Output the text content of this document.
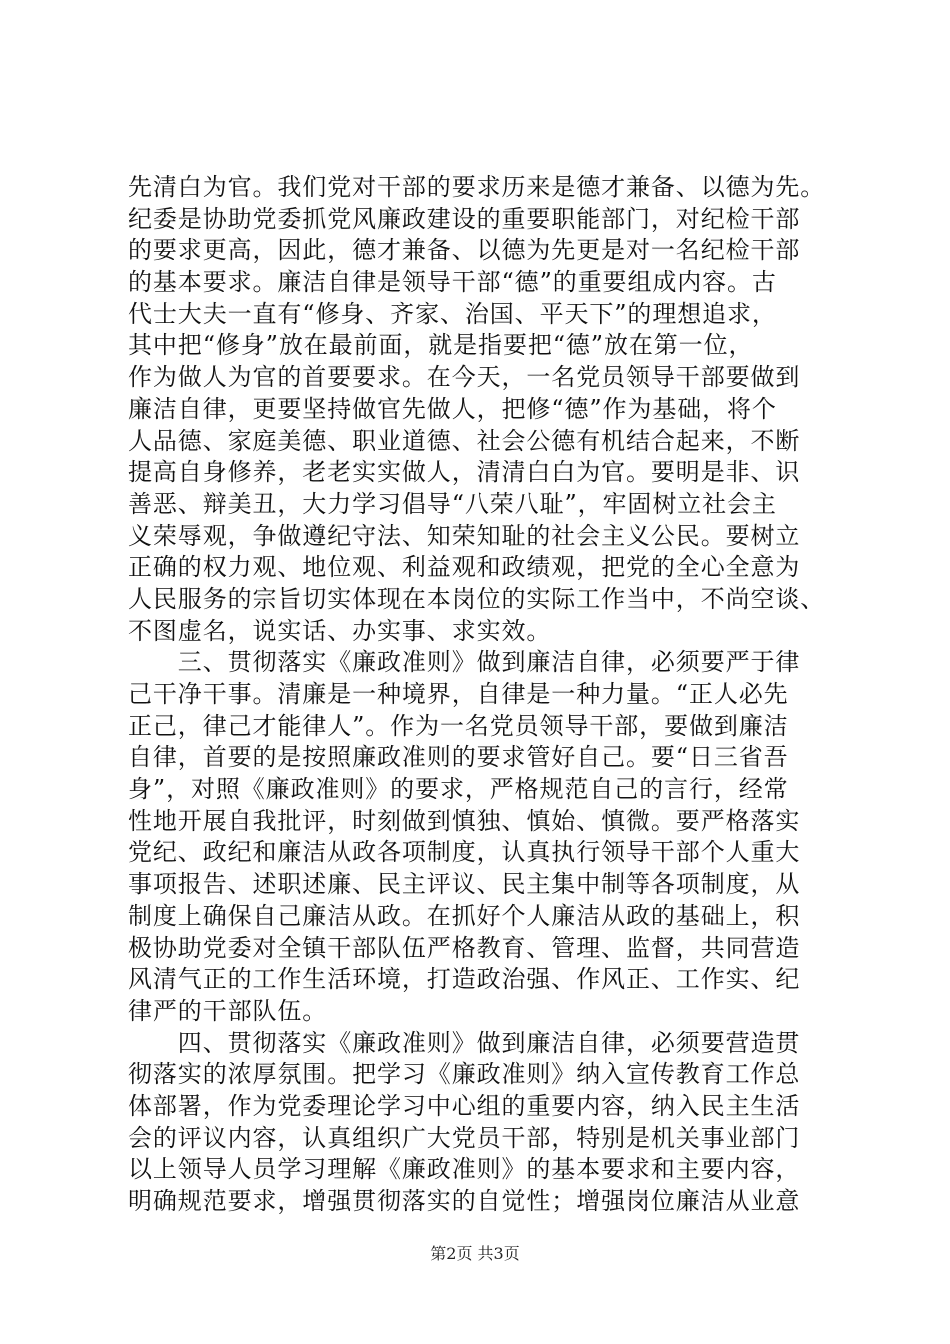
先清白为官。我们党对干部的要求历来是德才兼备、以德为先。
纪委是协助党委抓党风廉政建设的重要职能部门，对纪检干部
的要求更高，因此，德才兼备、以德为先更是对一名纪检干部
的基本要求。廉洁自律是领导干部“德”的重要组成内容。古
代士大夫一直有“修身、齐家、治国、平天下”的理想追求，
其中把“修身”放在最前面，就是指要把“德”放在第一位，
作为做人为官的首要要求。在今天，一名党员领导干部要做到
廉洁自律，更要坚持做官先做人，把修“德”作为基础，将个
人品德、家庭美德、职业道德、社会公德有机结合起来，不断
提高自身修养，老老实实做人，清清白白为官。要明是非、识
善恶、辩美丑，大力学习倡导“八荣八耻”，牢固树立社会主
义荣辱观，争做遵纪守法、知荣知耻的社会主义公民。要树立
正确的权力观、地位观、利益观和政绩观，把党的全心全意为
人民服务的宗旨切实体现在本岗位的实际工作当中，不尚空谈、
不图虚名，说实话、办实事、求实效。
　　三、贯彻落实《廉政准则》做到廉洁自律，必须要严于律
己干净干事。清廉是一种境界，自律是一种力量。“正人必先
正己，律己才能律人”。作为一名党员领导干部，要做到廉洁
自律，首要的是按照廉政准则的要求管好自己。要“日三省吾
身”，对照《廉政准则》的要求，严格规范自己的言行，经常
性地开展自我批评，时刻做到慎独、慎始、慎微。要严格落实
党纪、政纪和廉洁从政各项制度，认真执行领导干部个人重大
事项报告、述职述廉、民主评议、民主集中制等各项制度，从
制度上确保自己廉洁从政。在抓好个人廉洁从政的基础上，积
极协助党委对全镇干部队伍严格教育、管理、监督，共同营造
风清气正的工作生活环境，打造政治强、作风正、工作实、纪
律严的干部队伍。
　　四、贯彻落实《廉政准则》做到廉洁自律，必须要营造贯
彻落实的浓厚氛围。把学习《廉政准则》纳入宣传教育工作总
体部署，作为党委理论学习中心组的重要内容，纳入民主生活
会的评议内容，认真组织广大党员干部，特别是机关事业部门
以上领导人员学习理解《廉政准则》的基本要求和主要内容，
明确规范要求，增强贯彻落实的自觉性；增强岗位廉洁从业意
第2页 共3页
